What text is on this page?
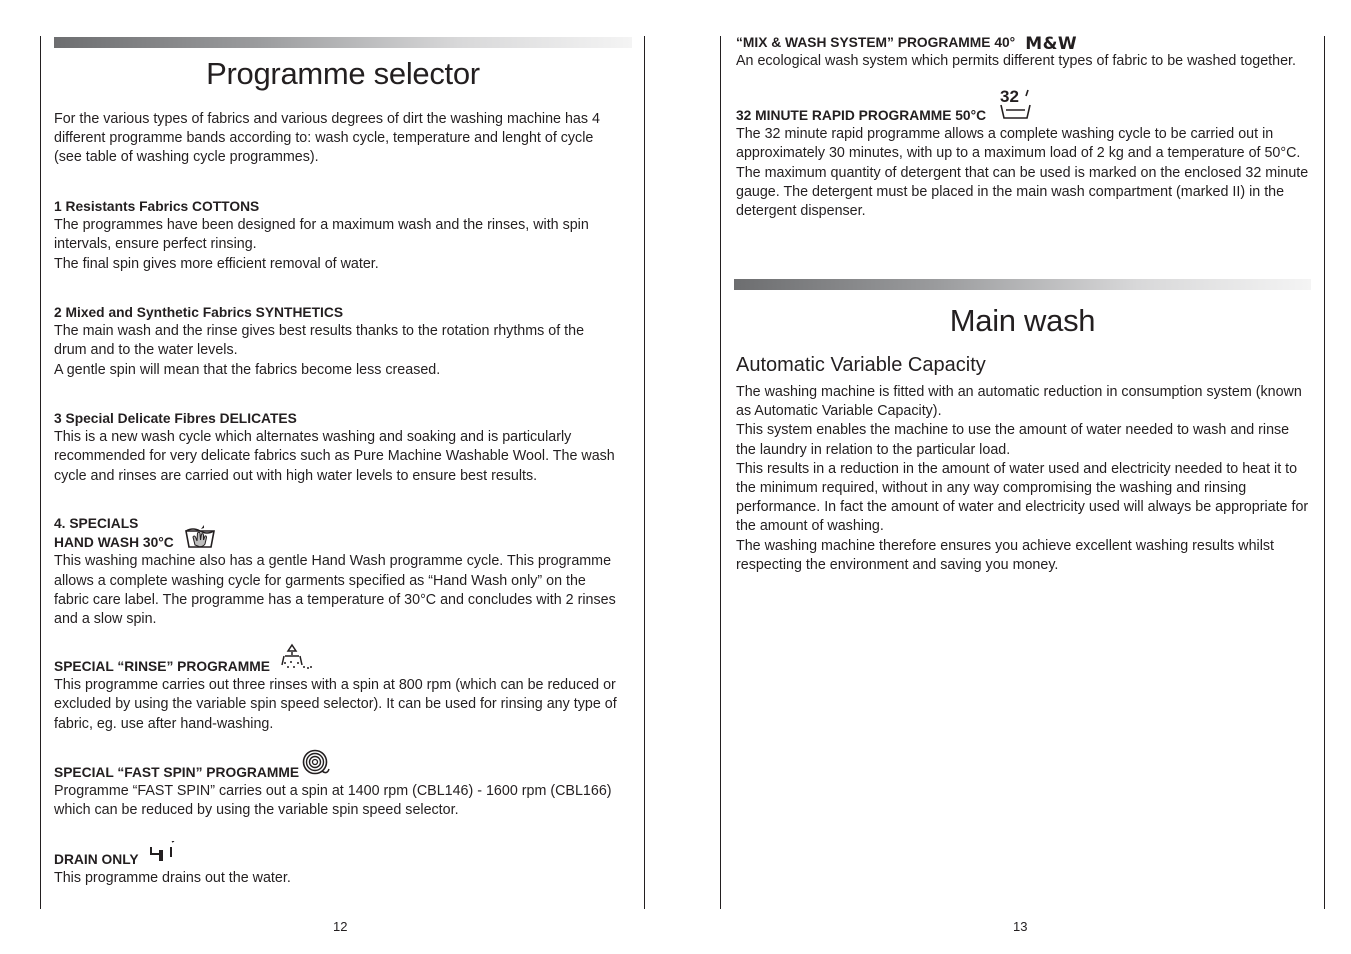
Programme selector

For the various types of fabrics and various degrees of dirt the washing machine has 4 different programme bands according to: wash cycle, temperature and lenght of cycle (see table of washing cycle programmes).

1 Resistants Fabrics COTTONS

The programmes have been designed for a maximum wash and the rinses, with spin intervals, ensure perfect rinsing.

The final spin gives more efficient removal of water.

2 Mixed and Synthetic Fabrics SYNTHETICS

The main wash and the rinse gives best results thanks to the rotation rhythms of the drum and to the water levels.

A gentle spin will mean that the fabrics become less creased.

3 Special Delicate Fibres DELICATES

This is a new wash cycle which alternates washing and soaking and is particularly recommended for very delicate fabrics such as Pure Machine Washable Wool. The wash cycle and rinses are carried out with high water levels to ensure best results.

4. SPECIALS
HAND WASH 30°C

This washing machine also has a gentle Hand Wash programme cycle. This programme allows a complete washing cycle for garments specified as “Hand Wash only” on the fabric care label. The programme has a temperature of 30°C and concludes with 2 rinses and a slow spin.

SPECIAL “RINSE” PROGRAMME

This programme carries out three rinses with a spin at 800 rpm (which can be reduced or excluded by using the variable spin speed selector). It can be used for rinsing any type of fabric, eg. use after hand-washing.

SPECIAL “FAST SPIN” PROGRAMME

Programme “FAST SPIN” carries out a spin at 1400 rpm (CBL146) - 1600 rpm (CBL166) which can be reduced by using the variable spin speed selector.

DRAIN ONLY

This programme drains out the water.

12
“MIX & WASH SYSTEM” PROGRAMME 40° M&W

An ecological wash system which permits different types of fabric to be washed together.

32 MINUTE RAPID PROGRAMME 50°C
32

The 32 minute rapid programme allows a complete washing cycle to be carried out in approximately 30 minutes, with up to a maximum load of 2 kg and a temperature of 50°C. The maximum quantity of detergent that can be used is marked on the enclosed 32 minute gauge. The detergent must be placed in the main wash compartment (marked II) in the detergent dispenser.

Main wash
Automatic Variable Capacity

The washing machine is fitted with an automatic reduction in consumption system (known as Automatic Variable Capacity).

This system enables the machine to use the amount of water needed to wash and rinse the laundry in relation to the particular load.

This results in a reduction in the amount of water used and electricity needed to heat it to the minimum required, without in any way compromising the washing and rinsing performance. In fact the amount of water and electricity used will always be appropriate for the amount of washing.

The washing machine therefore ensures you achieve excellent washing results whilst respecting the environment and saving you money.

13
